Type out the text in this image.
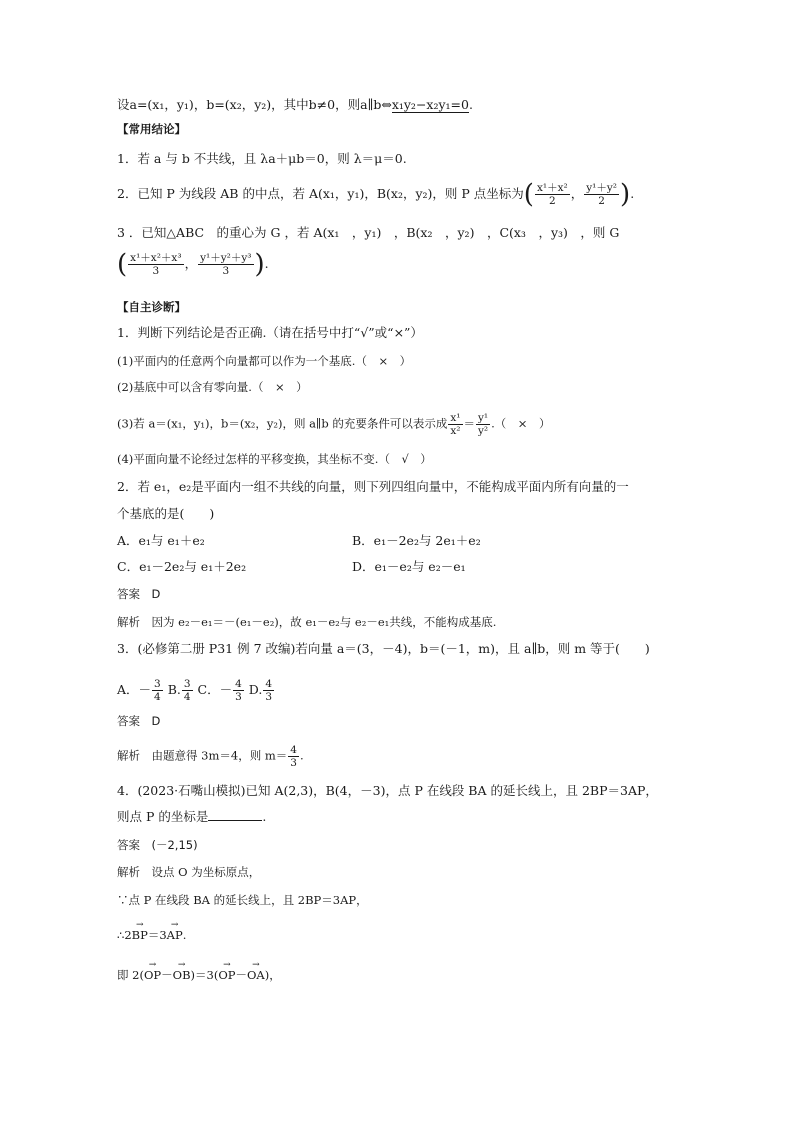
设a=(x₁，y₁)，b=(x₂，y₂)，其中b≠0，则a∥b⇔x₁y₂−x₂y₁=0.
【常用结论】
1．若 a 与 b 不共线，且 λa＋μb＝0，则 λ＝μ＝0.
2．已知 P 为线段 AB 的中点，若 A(x₁，y₁)，B(x₂，y₂)，则 P 点坐标为( $\frac{\text{x¹＋x²}}{2}$ ， $\frac{\text{y¹＋y²}}{2}$ ).
3 ．已知△ABC　的重心为 G ，若 A(x₁　，y₁)　，B(x₂　，y₂)　，C(x₃　，y₃)　，则 G
( $\frac{\text{x¹＋x²＋x³}}{3}$ ， $\frac{\text{y¹＋y²＋y³}}{3}$ ).
【自主诊断】
1．判断下列结论是否正确.（请在括号中打“√”或“×”）
(1)平面内的任意两个向量都可以作为一个基底.（　×　）
(2)基底中可以含有零向量.（　×　）
(3)若 a＝(x₁，y₁)，b＝(x₂，y₂)，则 a∥b 的充要条件可以表示成 $\frac{\text{x¹}}{\text{x²}} = \frac{\text{y¹}}{\text{y²}}$ .（　×　）
(4)平面向量不论经过怎样的平移变换，其坐标不变.（　√　）
2．若 e₁，e₂是平面内一组不共线的向量，则下列四组向量中，不能构成平面内所有向量的一
个基底的是(　　)
A．e₁与 e₁＋e₂	B．e₁－2e₂与 2e₁＋e₂
C．e₁－2e₂与 e₁＋2e₂	D．e₁－e₂与 e₂－e₁
答案　D
解析　因为 e₂－e₁＝－(e₁－e₂)，故 e₁－e₂与 e₂－e₁共线，不能构成基底.
3．(必修第二册 P31 例 7 改编)若向量 a＝(3，－4)，b＝(－1，m)，且 a∥b，则 m 等于(　　)
A．－ $\frac{3}{4} B$. $\frac{3}{4}$ C．－ $\frac{4}{3} D$. $\frac{4}{3}$
答案　D
解析　由题意得 3m＝4，则 $m= \frac{4}{3}$ .
4．(2023·石嘴山模拟)已知 A(2,3)，B(4，－3)，点 P 在线段 BA 的延长线上，且 2BP＝3AP，
则点 P 的坐标是	.
答案　(－2,15)
解析　设点 O 为坐标原点，
∵点 P 在线段 BA 的延长线上，且 2BP＝3AP，
∴2→ BP＝3→ AP.
即 2(→ OP－→ OB)＝3(→ OP－→ OA)，
